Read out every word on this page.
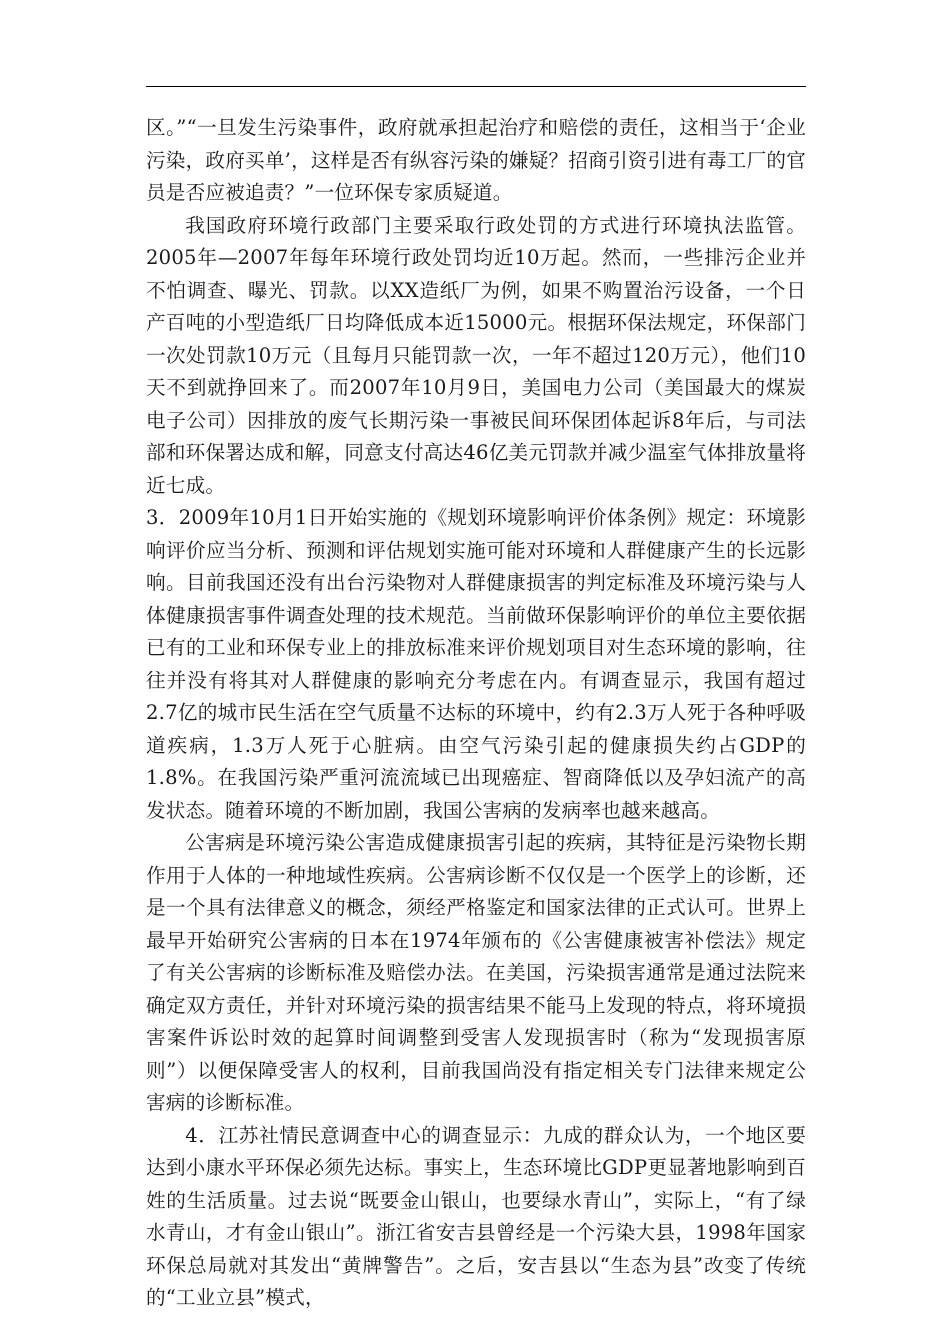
区。”“一旦发生污染事件，政府就承担起治疗和赔偿的责任，这相当于‘企业污染，政府买单’，这样是否有纵容污染的嫌疑？招商引资引进有毒工厂的官员是否应被追责？”一位环保专家质疑道。

我国政府环境行政部门主要采取行政处罚的方式进行环境执法监管。2005年—2007年每年环境行政处罚均近10万起。然而，一些排污企业并不怕调查、曝光、罚款。以XX造纸厂为例，如果不购置治污设备，一个日产百吨的小型造纸厂日均降低成本近15000元。根据环保法规定，环保部门一次处罚款10万元（且每月只能罚款一次，一年不超过120万元），他们10天不到就挣回来了。而2007年10月9日，美国电力公司（美国最大的煤炭电子公司）因排放的废气长期污染一事被民间环保团体起诉8年后，与司法部和环保署达成和解，同意支付高达46亿美元罚款并减少温室气体排放量将近七成。

3．2009年10月1日开始实施的《规划环境影响评价体条例》规定：环境影响评价应当分析、预测和评估规划实施可能对环境和人群健康产生的长远影响。目前我国还没有出台污染物对人群健康损害的判定标准及环境污染与人体健康损害事件调查处理的技术规范。当前做环保影响评价的单位主要依据已有的工业和环保专业上的排放标准来评价规划项目对生态环境的影响，往往并没有将其对人群健康的影响充分考虑在内。有调查显示，我国有超过2.7亿的城市民生活在空气质量不达标的环境中，约有2.3万人死于各种呼吸道疾病，1.3万人死于心脏病。由空气污染引起的健康损失约占GDP的1.8%。在我国污染严重河流流域已出现癌症、智商降低以及孕妇流产的高发状态。随着环境的不断加剧，我国公害病的发病率也越来越高。

公害病是环境污染公害造成健康损害引起的疾病，其特征是污染物长期作用于人体的一种地域性疾病。公害病诊断不仅仅是一个医学上的诊断，还是一个具有法律意义的概念，须经严格鉴定和国家法律的正式认可。世界上最早开始研究公害病的日本在1974年颁布的《公害健康被害补偿法》规定了有关公害病的诊断标准及赔偿办法。在美国，污染损害通常是通过法院来确定双方责任，并针对环境污染的损害结果不能马上发现的特点，将环境损害案件诉讼时效的起算时间调整到受害人发现损害时（称为“发现损害原则”）以便保障受害人的权利，目前我国尚没有指定相关专门法律来规定公害病的诊断标准。

4．江苏社情民意调查中心的调查显示：九成的群众认为，一个地区要达到小康水平环保必须先达标。事实上，生态环境比GDP更显著地影响到百姓的生活质量。过去说“既要金山银山，也要绿水青山”，实际上，“有了绿水青山，才有金山银山”。浙江省安吉县曾经是一个污染大县，1998年国家环保总局就对其发出“黄牌警告”。之后，安吉县以“生态为县”改变了传统的“工业立县”模式，
